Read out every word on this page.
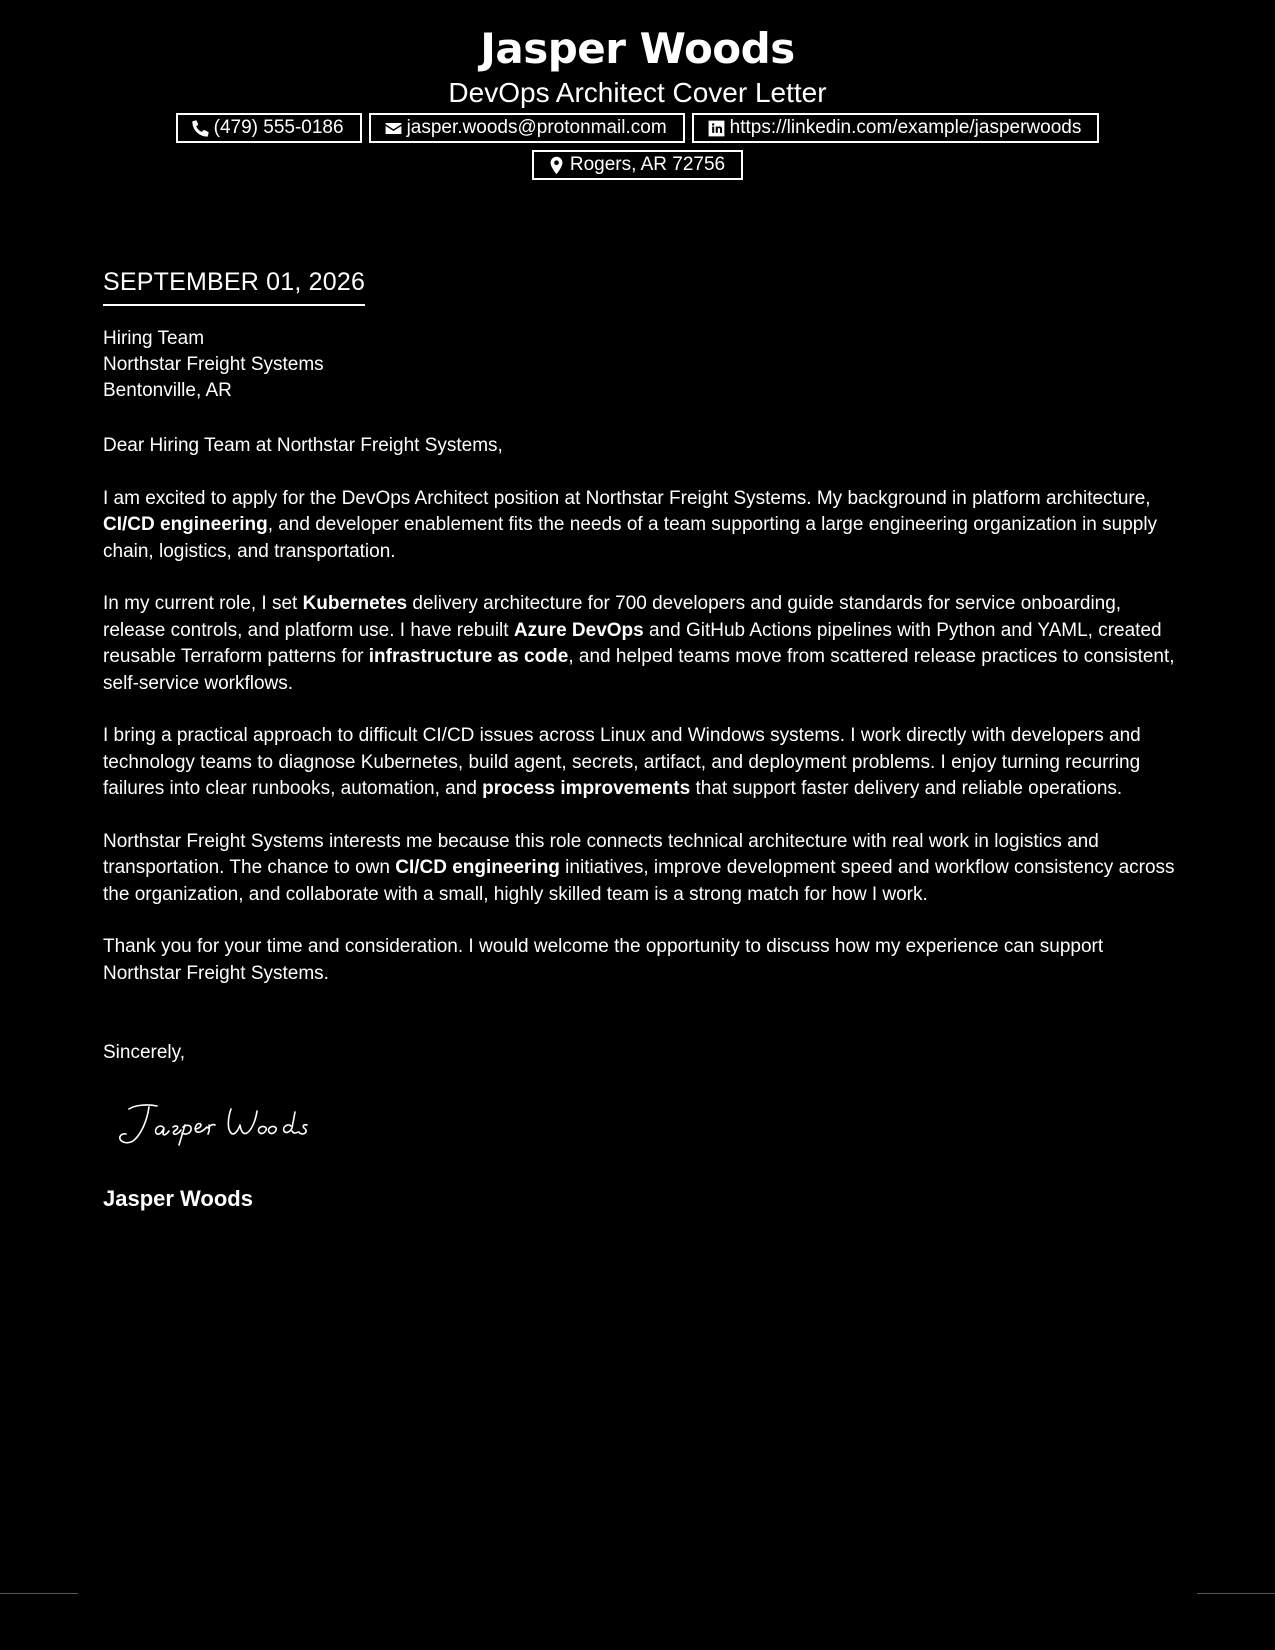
Jasper Woods
DevOps Architect Cover Letter
(479) 555-0186	jasper.woods@protonmail.com	https://linkedin.com/example/jasperwoods
Rogers, AR 72756
SEPTEMBER 01, 2026
Hiring Team
Northstar Freight Systems
Bentonville, AR

Dear Hiring Team at Northstar Freight Systems,

I am excited to apply for the DevOps Architect position at Northstar Freight Systems. My background in platform architecture, CI/CD engineering, and developer enablement fits the needs of a team supporting a large engineering organization in supply chain, logistics, and transportation.

In my current role, I set Kubernetes delivery architecture for 700 developers and guide standards for service onboarding, release controls, and platform use. I have rebuilt Azure DevOps and GitHub Actions pipelines with Python and YAML, created reusable Terraform patterns for infrastructure as code, and helped teams move from scattered release practices to consistent, self-service workflows.

I bring a practical approach to difficult CI/CD issues across Linux and Windows systems. I work directly with developers and technology teams to diagnose Kubernetes, build agent, secrets, artifact, and deployment problems. I enjoy turning recurring failures into clear runbooks, automation, and process improvements that support faster delivery and reliable operations.

Northstar Freight Systems interests me because this role connects technical architecture with real work in logistics and transportation. The chance to own CI/CD engineering initiatives, improve development speed and workflow consistency across the organization, and collaborate with a small, highly skilled team is a strong match for how I work.

Thank you for your time and consideration. I would welcome the opportunity to discuss how my experience can support Northstar Freight Systems.

Sincerely,
Jasper Woods
